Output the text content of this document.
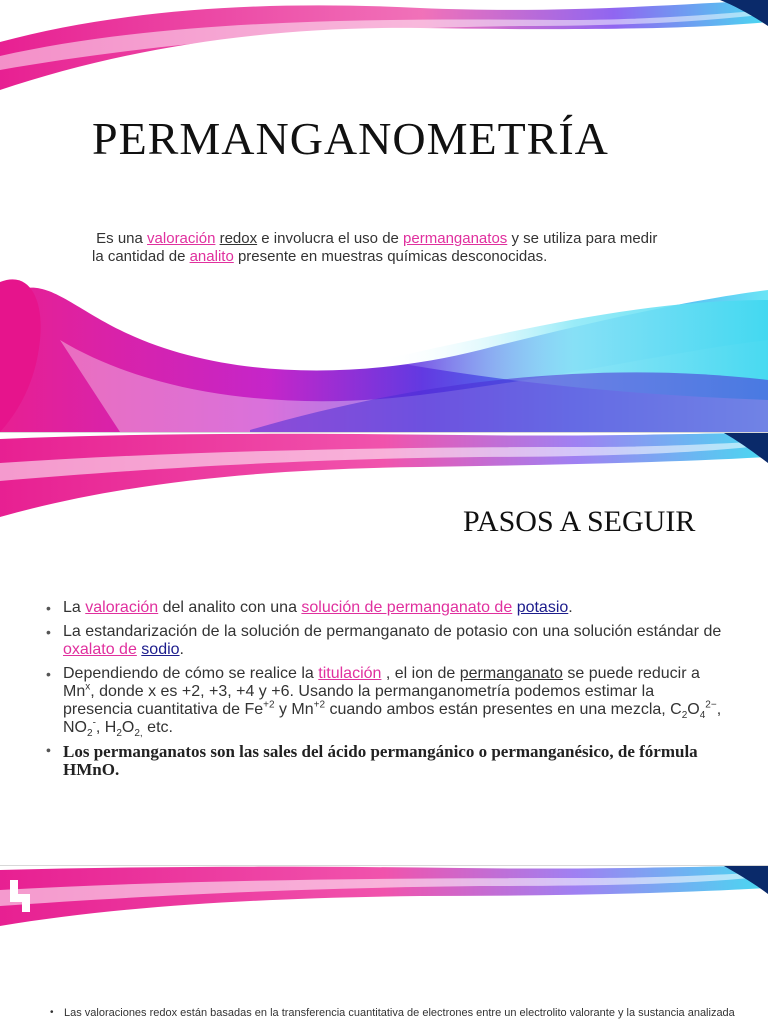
PERMANGANOMETRÍA

Es una valoración redox e involucra el uso de permanganatos y se utiliza para medir la cantidad de analito presente en muestras químicas desconocidas.

PASOS A SEGUIR
• La valoración del analito con una solución de permanganato de potasio.
• La estandarización de la solución de permanganato de potasio con una solución estándar de oxalato de sodio.
• Dependiendo de cómo se realice la titulación , el ion de permanganato se puede reducir a Mn$^x$, donde x es +2, +3, +4 y +6. Usando la permanganometría podemos estimar la presencia cuantitativa de $Fe^{+2}$ y $Mn^{+2}$ cuando ambos están presentes en una mezcla, $C_2O_4^{2-}$, $NO_2^-$, $H_2O_{2,}$ etc.
• Los permanganatos son las sales del ácido permangánico o permanganésico, de fórmula HMnO.

• Las valoraciones redox están basadas en la transferencia cuantitativa de electrones entre un electrolito valorante y la sustancia analizada
